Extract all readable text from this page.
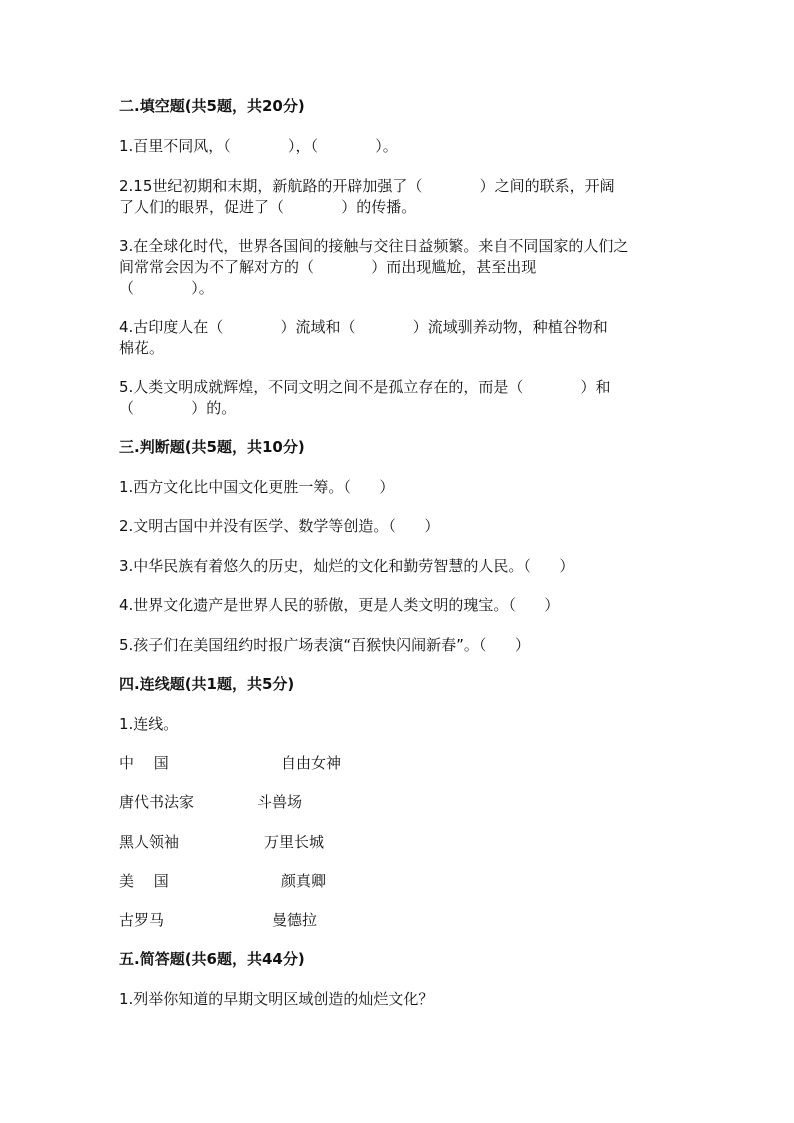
二.填空题(共5题，共20分)

1.百里不同风，（            ），（            ）。

2.15世纪初期和末期，新航路的开辟加强了（            ）之间的联系，开阔

了人们的眼界，促进了（            ）的传播。

3.在全球化时代，世界各国间的接触与交往日益频繁。来自不同国家的人们之

间常常会因为不了解对方的（            ）而出现尴尬，甚至出现

（            ）。

4.古印度人在（            ）流域和（            ）流域驯养动物，种植谷物和

棉花。

5.人类文明成就辉煌，不同文明之间不是孤立存在的，而是（            ）和

（            ）的。

三.判断题(共5题，共10分)

1.西方文化比中国文化更胜一筹。（      ）

2.文明古国中并没有医学、数学等创造。（      ）

3.中华民族有着悠久的历史，灿烂的文化和勤劳智慧的人民。（      ）

4.世界文化遗产是世界人民的骄傲，更是人类文明的瑰宝。（      ）

5.孩子们在美国纽约时报广场表演“百猴快闪闹新春”。（      ）

四.连线题(共1题，共5分)

1.连线。

中　 国	自由女神

唐代书法家	斗兽场

黑人领袖	万里长城

美　 国	颜真卿

古罗马	曼德拉

五.简答题(共6题，共44分)

1.列举你知道的早期文明区域创造的灿烂文化？
